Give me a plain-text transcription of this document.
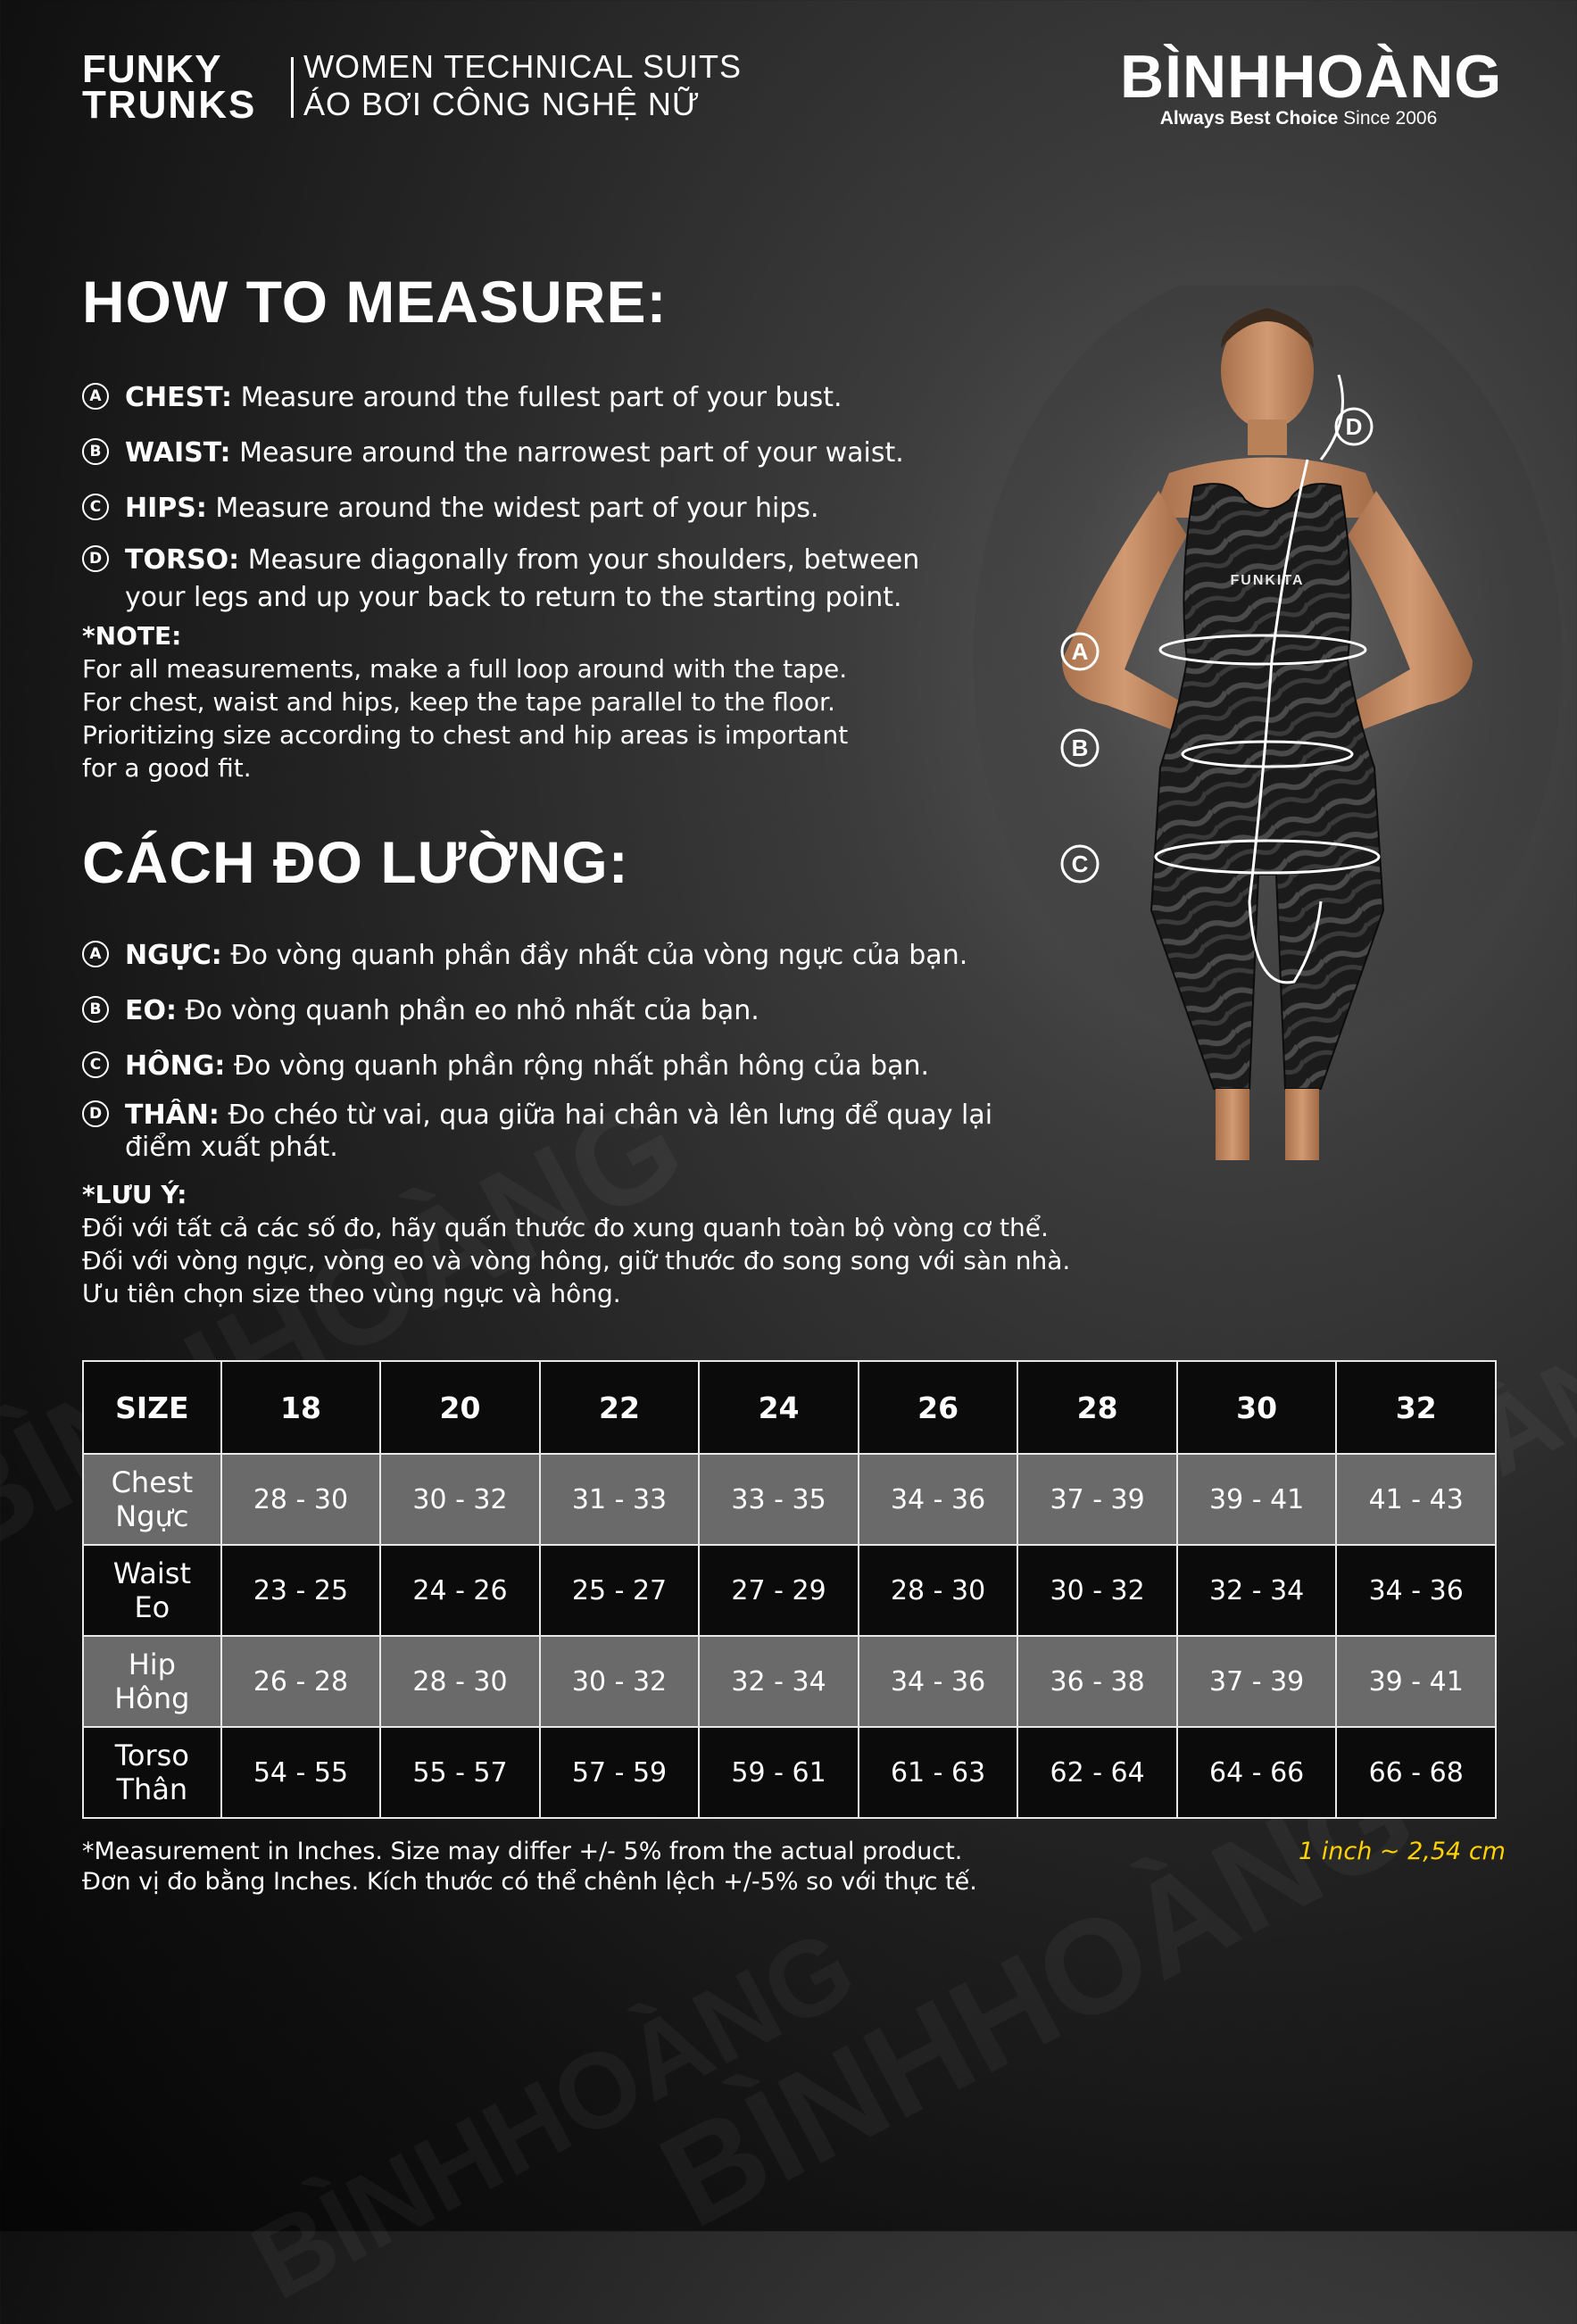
FUNKY
TRUNKS
WOMEN TECHNICAL SUITS
ÁO BƠI CÔNG NGHỆ NỮ	BÌNHHOÀNG
Always Best Choice Since 2006
HOW TO MEASURE:
A CHEST: Measure around the fullest part of your bust.
B WAIST: Measure around the narrowest part of your waist.
C HIPS: Measure around the widest part of your hips.
D TORSO: Measure diagonally from your shoulders, between
your legs and up your back to return to the starting point.
*NOTE:
For all measurements, make a full loop around with the tape.
For chest, waist and hips, keep the tape parallel to the floor.
Prioritizing size according to chest and hip areas is important
for a good fit.
CÁCH ĐO LƯỜNG:
A NGỰC: Đo vòng quanh phần đầy nhất của vòng ngực của bạn.
B EO: Đo vòng quanh phần eo nhỏ nhất của bạn.
C HÔNG: Đo vòng quanh phần rộng nhất phần hông của bạn.
D THÂN: Đo chéo từ vai, qua giữa hai chân và lên lưng để quay lại
điểm xuất phát.
*LƯU Ý:
Đối với tất cả các số đo, hãy quấn thước đo xung quanh toàn bộ vòng cơ thể.
Đối với vòng ngực, vòng eo và vòng hông, giữ thước đo song song với sàn nhà.
Ưu tiên chọn size theo vùng ngực và hông.
FUNKITA
A
B
C
D
SIZE	18	20	22	24	26	28	30	32

Chest
Ngực	28 - 30	30 - 32	31 - 33	33 - 35	34 - 36	37 - 39	39 - 41	41 - 43

Waist
Eo	23 - 25	24 - 26	25 - 27	27 - 29	28 - 30	30 - 32	32 - 34	34 - 36

Hip
Hông	26 - 28	28 - 30	30 - 32	32 - 34	34 - 36	36 - 38	37 - 39	39 - 41

Torso
Thân	54 - 55	55 - 57	57 - 59	59 - 61	61 - 63	62 - 64	64 - 66	66 - 68
*Measurement in Inches. Size may differ +/- 5% from the actual product.
Đơn vị đo bằng Inches. Kích thước có thể chênh lệch +/-5% so với thực tế.
1 inch ~ 2,54 cm
